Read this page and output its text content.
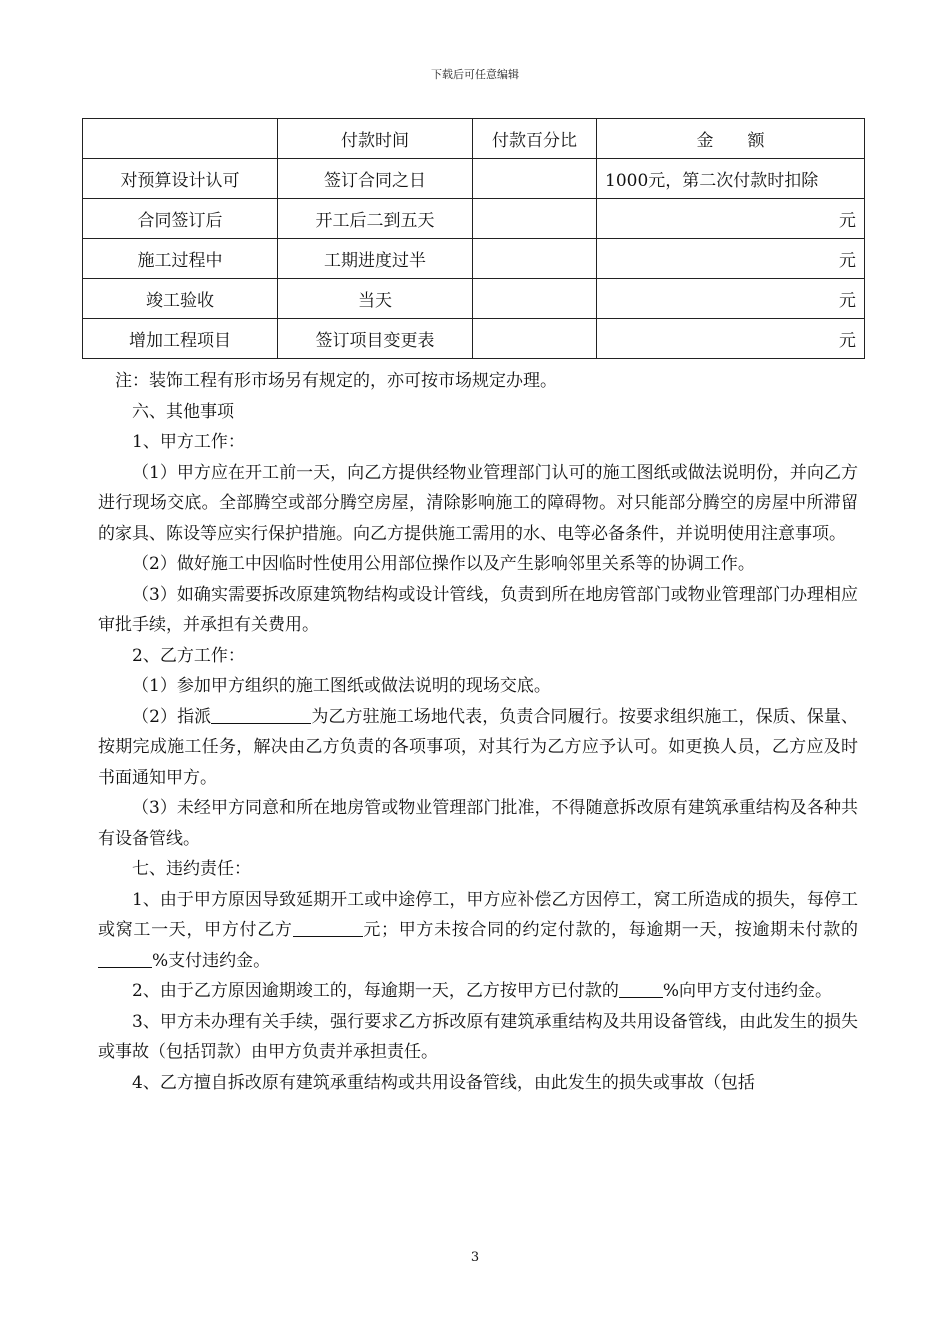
下载后可任意编辑
	付款时间	付款百分比	金　　额
对预算设计认可	签订合同之日		1000元，第二次付款时扣除
合同签订后	开工后二到五天		元
施工过程中	工期进度过半		元
竣工验收	当天		元
增加工程项目	签订项目变更表		元

注：装饰工程有形市场另有规定的，亦可按市场规定办理。

六、其他事项

1、甲方工作：

（1）甲方应在开工前一天，向乙方提供经物业管理部门认可的施工图纸或做法说明份，并向乙方进行现场交底。全部腾空或部分腾空房屋，清除影响施工的障碍物。对只能部分腾空的房屋中所滞留的家具、陈设等应实行保护措施。向乙方提供施工需用的水、电等必备条件，并说明使用注意事项。

（2）做好施工中因临时性使用公用部位操作以及产生影响邻里关系等的协调工作。

（3）如确实需要拆改原建筑物结构或设计管线，负责到所在地房管部门或物业管理部门办理相应审批手续，并承担有关费用。

2、乙方工作：

（1）参加甲方组织的施工图纸或做法说明的现场交底。

（2）指派	为乙方驻施工场地代表，负责合同履行。按要求组织施工，保质、保量、按期完成施工任务，解决由乙方负责的各项事项，对其行为乙方应予认可。如更换人员，乙方应及时书面通知甲方。

（3）未经甲方同意和所在地房管或物业管理部门批准，不得随意拆改原有建筑承重结构及各种共有设备管线。

七、违约责任：

1、由于甲方原因导致延期开工或中途停工，甲方应补偿乙方因停工，窝工所造成的损失，每停工或窝工一天，甲方付乙方	元；甲方未按合同的约定付款的，每逾期一天，按逾期未付款的%支付违约金。

2、由于乙方原因逾期竣工的，每逾期一天，乙方按甲方已付款的	%向甲方支付违约金。

3、甲方未办理有关手续，强行要求乙方拆改原有建筑承重结构及共用设备管线，由此发生的损失或事故（包括罚款）由甲方负责并承担责任。

4、乙方擅自拆改原有建筑承重结构或共用设备管线，由此发生的损失或事故（包括

3
